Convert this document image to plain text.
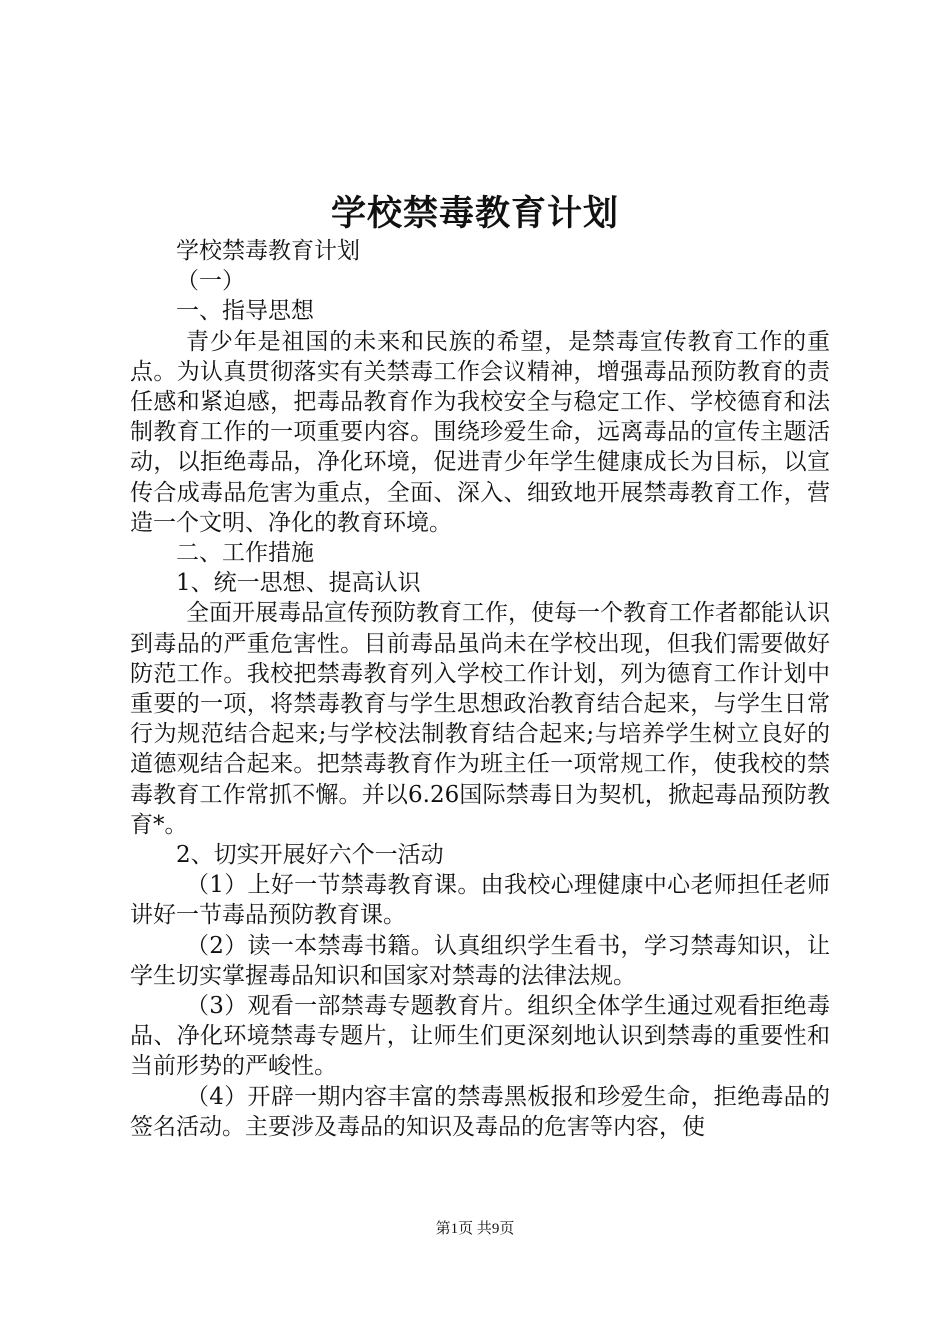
学校禁毒教育计划

学校禁毒教育计划

（一）

一、指导思想

青少年是祖国的未来和民族的希望，是禁毒宣传教育工作的重点。为认真贯彻落实有关禁毒工作会议精神，增强毒品预防教育的责任感和紧迫感，把毒品教育作为我校安全与稳定工作、学校德育和法制教育工作的一项重要内容。围绕珍爱生命，远离毒品的宣传主题活动，以拒绝毒品，净化环境，促进青少年学生健康成长为目标，以宣传合成毒品危害为重点，全面、深入、细致地开展禁毒教育工作，营造一个文明、净化的教育环境。

二、工作措施

1、统一思想、提高认识

全面开展毒品宣传预防教育工作，使每一个教育工作者都能认识到毒品的严重危害性。目前毒品虽尚未在学校出现，但我们需要做好防范工作。我校把禁毒教育列入学校工作计划，列为德育工作计划中重要的一项，将禁毒教育与学生思想政治教育结合起来，与学生日常行为规范结合起来;与学校法制教育结合起来;与培养学生树立良好的道德观结合起来。把禁毒教育作为班主任一项常规工作，使我校的禁毒教育工作常抓不懈。并以6.26国际禁毒日为契机，掀起毒品预防教育*。

2、切实开展好六个一活动

（1）上好一节禁毒教育课。由我校心理健康中心老师担任老师讲好一节毒品预防教育课。

（2）读一本禁毒书籍。认真组织学生看书，学习禁毒知识，让学生切实掌握毒品知识和国家对禁毒的法律法规。

（3）观看一部禁毒专题教育片。组织全体学生通过观看拒绝毒品、净化环境禁毒专题片，让师生们更深刻地认识到禁毒的重要性和当前形势的严峻性。

（4）开辟一期内容丰富的禁毒黑板报和珍爱生命，拒绝毒品的签名活动。主要涉及毒品的知识及毒品的危害等内容，使

第1页 共9页
